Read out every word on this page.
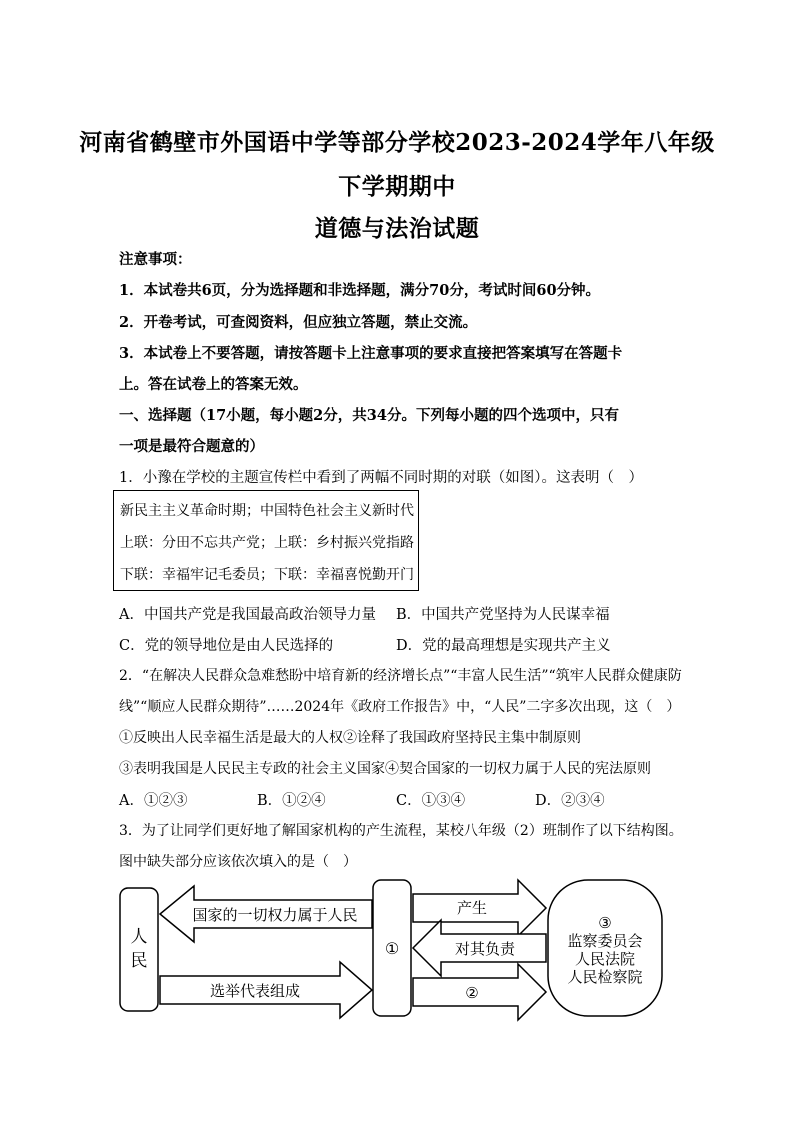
河南省鹤壁市外国语中学等部分学校2023-2024学年八年级
下学期期中
道德与法治试题
注意事项：
1．本试卷共6页，分为选择题和非选择题，满分70分，考试时间60分钟。
2．开卷考试，可查阅资料，但应独立答题，禁止交流。
3．本试卷上不要答题，请按答题卡上注意事项的要求直接把答案填写在答题卡
上。答在试卷上的答案无效。
一、选择题（17小题，每小题2分，共34分。下列每小题的四个选项中，只有
一项是最符合题意的）
1．小豫在学校的主题宣传栏中看到了两幅不同时期的对联（如图）。这表明（　）
新民主主义革命时期；中国特色社会主义新时代
上联：分田不忘共产党；上联：乡村振兴党指路
下联：幸福牢记毛委员；下联：幸福喜悦勤开门
A．中国共产党是我国最高政治领导力量 B．中国共产党坚持为人民谋幸福
C．党的领导地位是由人民选择的	D．党的最高理想是实现共产主义
2．“在解决人民群众急难愁盼中培育新的经济增长点”“丰富人民生活”“筑牢人民群众健康防
线”“顺应人民群众期待”……2024年《政府工作报告》中，“人民”二字多次出现，这（　）
①反映出人民幸福生活是最大的人权②诠释了我国政府坚持民主集中制原则
③表明我国是人民民主专政的社会主义国家④契合国家的一切权力属于人民的宪法原则
A．①②③	B．①②④	C．①③④	D．②③④
3．为了让同学们更好地了解国家机构的产生流程，某校八年级（2）班制作了以下结构图。
图中缺失部分应该依次填入的是（　）
人
民
国家的一切权力属于人民
选举代表组成
①
产生
对其负责
②
③
监察委员会
人民法院
人民检察院
